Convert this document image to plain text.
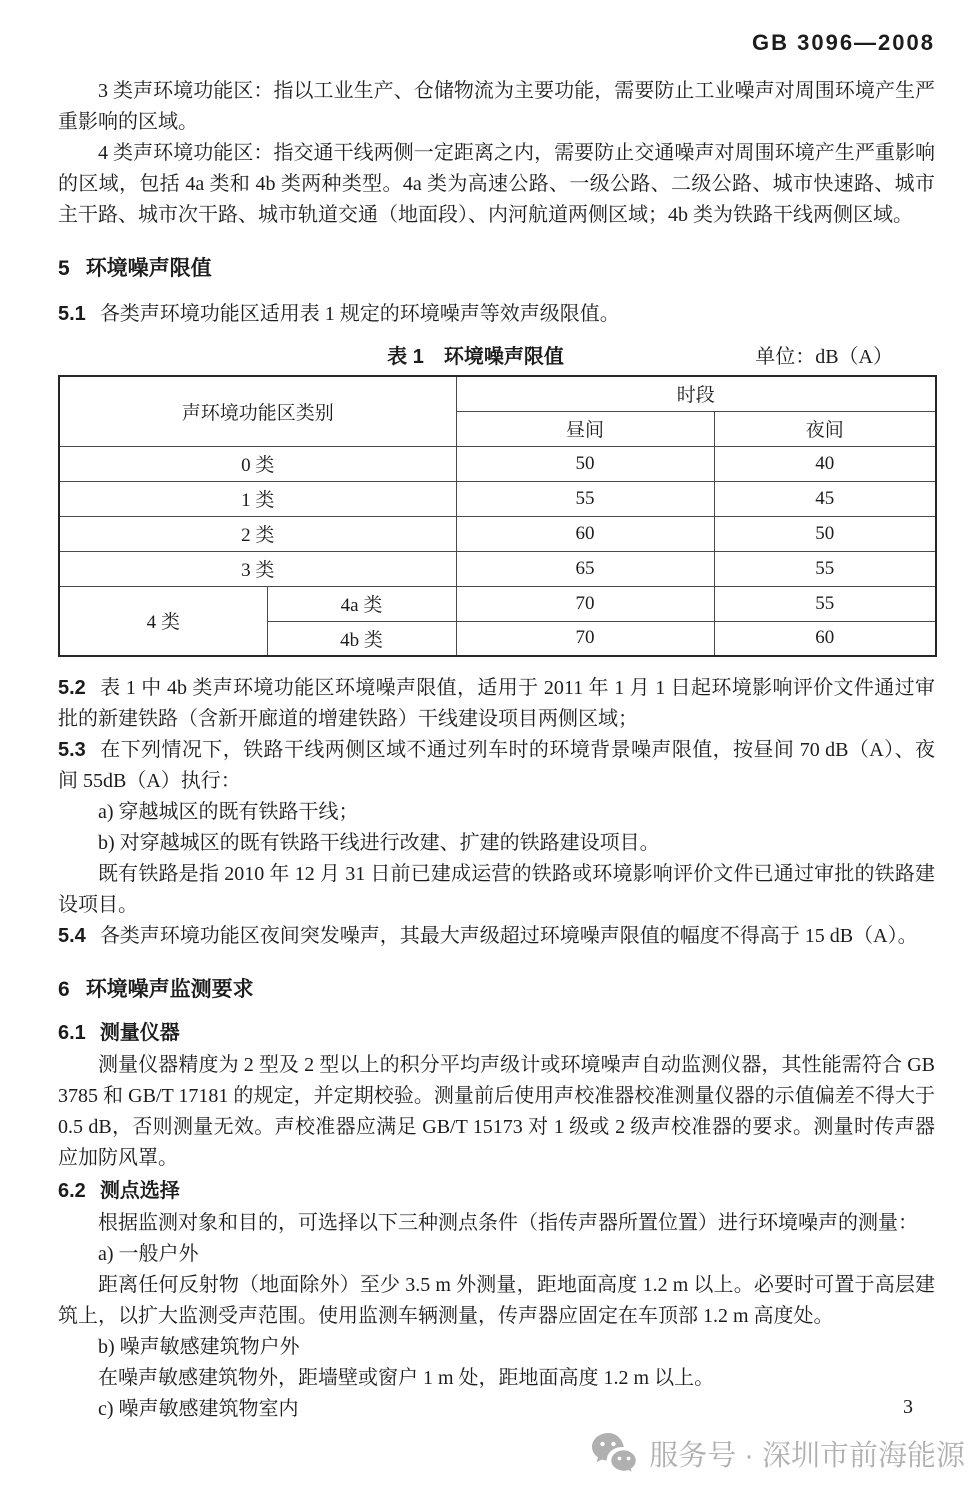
GB 3096—2008

3 类声环境功能区：指以工业生产、仓储物流为主要功能，需要防止工业噪声对周围环境产生严重影响的区域。

4 类声环境功能区：指交通干线两侧一定距离之内，需要防止交通噪声对周围环境产生严重影响的区域，包括 4a 类和 4b 类两种类型。4a 类为高速公路、一级公路、二级公路、城市快速路、城市主干路、城市次干路、城市轨道交通（地面段）、内河航道两侧区域；4b 类为铁路干线两侧区域。

5 环境噪声限值

5.1 各类声环境功能区适用表 1 规定的环境噪声等效声级限值。

表 1　环境噪声限值	单位：dB（A）
声环境功能区类别		时段	
		昼间	夜间
0 类		50	40
1 类		55	45
2 类		60	50
3 类		65	55
4 类	4a 类	70	55
	4b 类	70	60

5.2 表 1 中 4b 类声环境功能区环境噪声限值，适用于 2011 年 1 月 1 日起环境影响评价文件通过审批的新建铁路（含新开廊道的增建铁路）干线建设项目两侧区域；

5.3 在下列情况下，铁路干线两侧区域不通过列车时的环境背景噪声限值，按昼间 70 dB（A）、夜间 55dB（A）执行：

a) 穿越城区的既有铁路干线；
b) 对穿越城区的既有铁路干线进行改建、扩建的铁路建设项目。

既有铁路是指 2010 年 12 月 31 日前已建成运营的铁路或环境影响评价文件已通过审批的铁路建设项目。

5.4 各类声环境功能区夜间突发噪声，其最大声级超过环境噪声限值的幅度不得高于 15 dB（A）。

6 环境噪声监测要求
6.1 测量仪器

测量仪器精度为 2 型及 2 型以上的积分平均声级计或环境噪声自动监测仪器，其性能需符合 GB 3785 和 GB/T 17181 的规定，并定期校验。测量前后使用声校准器校准测量仪器的示值偏差不得大于 0.5 dB，否则测量无效。声校准器应满足 GB/T 15173 对 1 级或 2 级声校准器的要求。测量时传声器应加防风罩。

6.2 测点选择

根据监测对象和目的，可选择以下三种测点条件（指传声器所置位置）进行环境噪声的测量：

a) 一般户外

距离任何反射物（地面除外）至少 3.5 m 外测量，距地面高度 1.2 m 以上。必要时可置于高层建筑上，以扩大监测受声范围。使用监测车辆测量，传声器应固定在车顶部 1.2 m 高度处。

b) 噪声敏感建筑物户外

在噪声敏感建筑物外，距墙壁或窗户 1 m 处，距地面高度 1.2 m 以上。

c) 噪声敏感建筑物室内	3
服务号 · 深圳市前海能源
